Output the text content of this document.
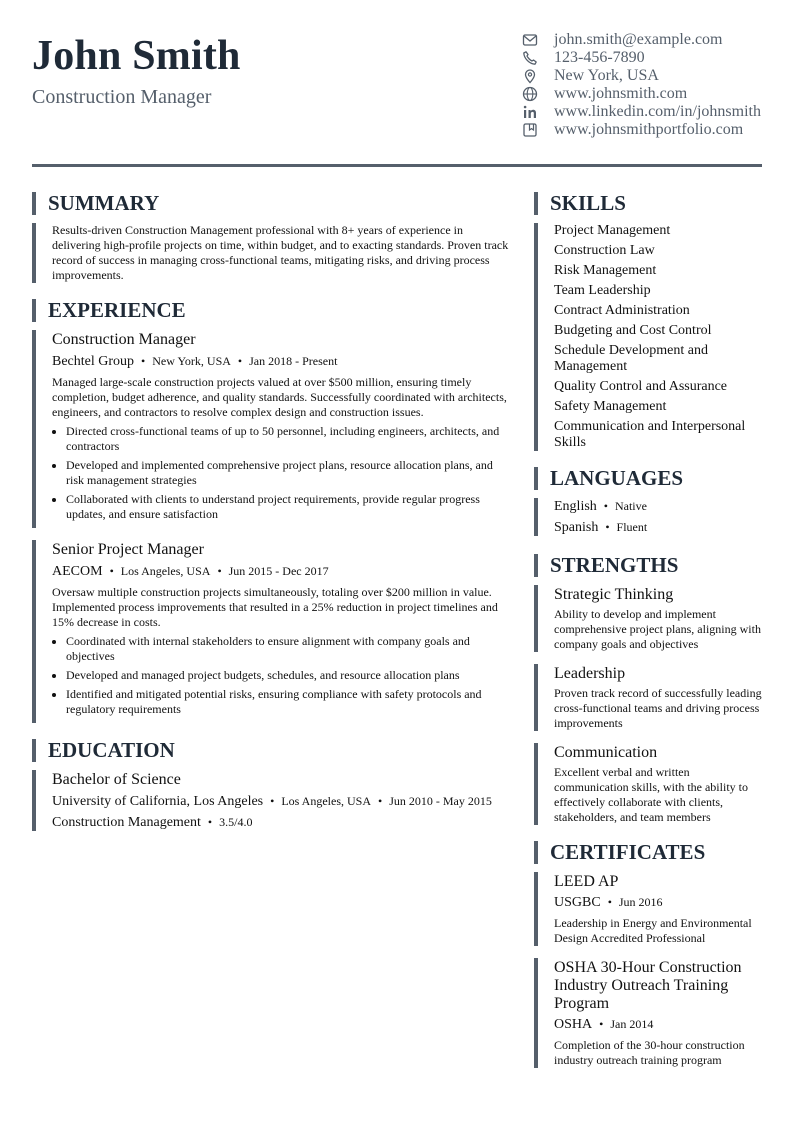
John Smith
Construction Manager
john.smith@example.com
123-456-7890
New York, USA
www.johnsmith.com
www.linkedin.com/in/johnsmith
www.johnsmithportfolio.com
SUMMARY
Results-driven Construction Management professional with 8+ years of experience in delivering high-profile projects on time, within budget, and to exacting standards. Proven track record of success in managing cross-functional teams, mitigating risks, and driving process improvements.
EXPERIENCE
Construction Manager
Bechtel Group • New York, USA • Jan 2018 - Present
Managed large-scale construction projects valued at over $500 million, ensuring timely completion, budget adherence, and quality standards. Successfully coordinated with architects, engineers, and contractors to resolve complex design and construction issues.
• Directed cross-functional teams of up to 50 personnel, including engineers, architects, and contractors
• Developed and implemented comprehensive project plans, resource allocation plans, and risk management strategies
• Collaborated with clients to understand project requirements, provide regular progress updates, and ensure satisfaction
Senior Project Manager
AECOM • Los Angeles, USA • Jun 2015 - Dec 2017
Oversaw multiple construction projects simultaneously, totaling over $200 million in value. Implemented process improvements that resulted in a 25% reduction in project timelines and 15% decrease in costs.
• Coordinated with internal stakeholders to ensure alignment with company goals and objectives
• Developed and managed project budgets, schedules, and resource allocation plans
• Identified and mitigated potential risks, ensuring compliance with safety protocols and regulatory requirements
EDUCATION
Bachelor of Science
University of California, Los Angeles • Los Angeles, USA • Jun 2010 - May 2015
Construction Management • 3.5/4.0
SKILLS
Project Management
Construction Law
Risk Management
Team Leadership
Contract Administration
Budgeting and Cost Control
Schedule Development and Management
Quality Control and Assurance
Safety Management
Communication and Interpersonal Skills
LANGUAGES
English • Native
Spanish • Fluent
STRENGTHS
Strategic Thinking
Ability to develop and implement comprehensive project plans, aligning with company goals and objectives
Leadership
Proven track record of successfully leading cross-functional teams and driving process improvements
Communication
Excellent verbal and written communication skills, with the ability to effectively collaborate with clients, stakeholders, and team members
CERTIFICATES
LEED AP
USGBC • Jun 2016
Leadership in Energy and Environmental Design Accredited Professional
OSHA 30-Hour Construction Industry Outreach Training Program
OSHA • Jan 2014
Completion of the 30-hour construction industry outreach training program
